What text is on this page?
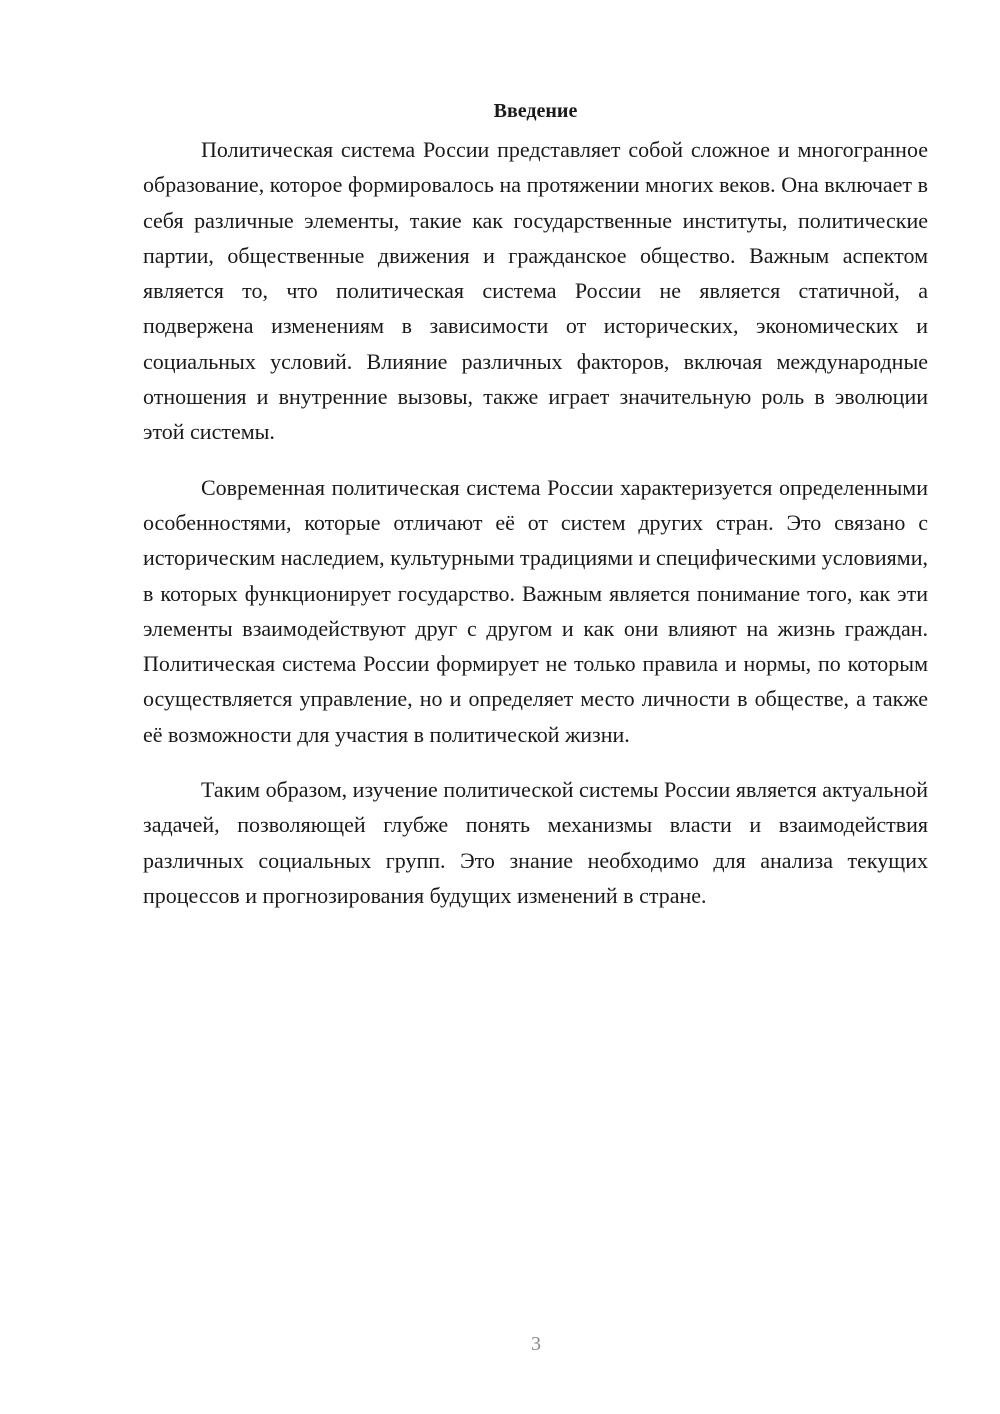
Введение

Политическая система России представляет собой сложное и многогранное образование, которое формировалось на протяжении многих веков. Она включает в себя различные элементы, такие как государственные институты, политические партии, общественные движения и гражданское общество. Важным аспектом является то, что политическая система России не является статичной, а подвержена изменениям в зависимости от исторических, экономических и социальных условий. Влияние различных факторов, включая международные отношения и внутренние вызовы, также играет значительную роль в эволюции этой системы.

Современная политическая система России характеризуется определенными особенностями, которые отличают её от систем других стран. Это связано с историческим наследием, культурными традициями и специфическими условиями, в которых функционирует государство. Важным является понимание того, как эти элементы взаимодействуют друг с другом и как они влияют на жизнь граждан. Политическая система России формирует не только правила и нормы, по которым осуществляется управление, но и определяет место личности в обществе, а также её возможности для участия в политической жизни.

Таким образом, изучение политической системы России является актуальной задачей, позволяющей глубже понять механизмы власти и взаимодействия различных социальных групп. Это знание необходимо для анализа текущих процессов и прогнозирования будущих изменений в стране.

3
